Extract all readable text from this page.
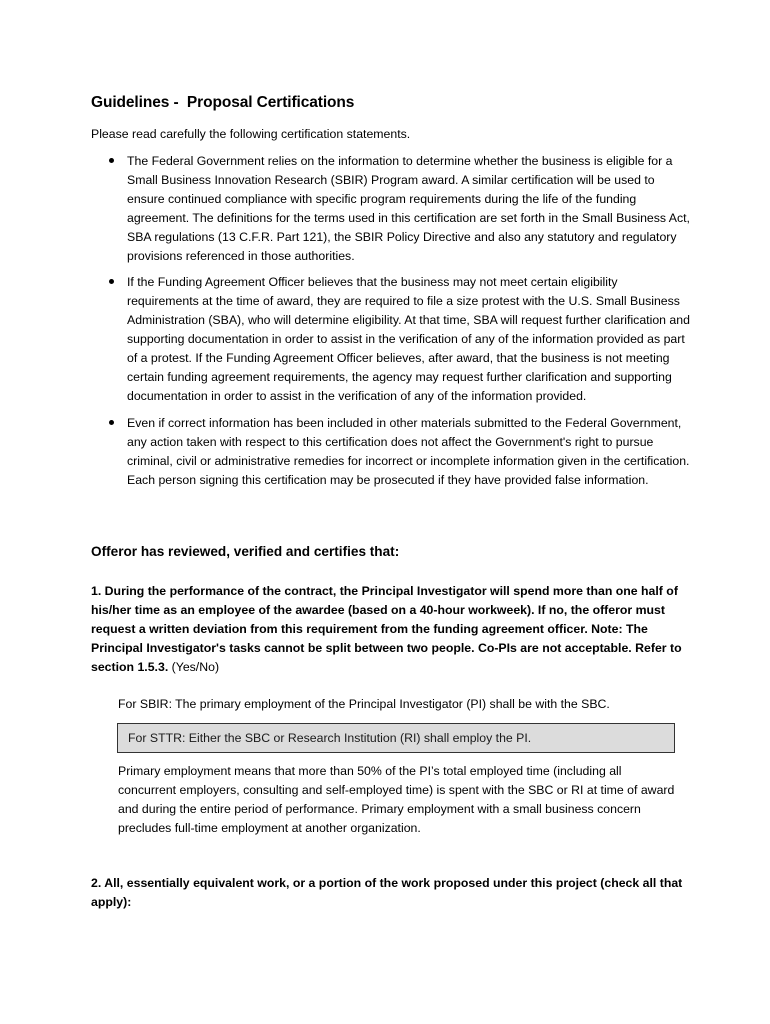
Guidelines -  Proposal Certifications
Please read carefully the following certification statements.
The Federal Government relies on the information to determine whether the business is eligible for a Small Business Innovation Research (SBIR) Program award. A similar certification will be used to ensure continued compliance with specific program requirements during the life of the funding agreement. The definitions for the terms used in this certification are set forth in the Small Business Act, SBA regulations (13 C.F.R. Part 121), the SBIR Policy Directive and also any statutory and regulatory provisions referenced in those authorities.
If the Funding Agreement Officer believes that the business may not meet certain eligibility requirements at the time of award, they are required to file a size protest with the U.S. Small Business Administration (SBA), who will determine eligibility. At that time, SBA will request further clarification and supporting documentation in order to assist in the verification of any of the information provided as part of a protest. If the Funding Agreement Officer believes, after award, that the business is not meeting certain funding agreement requirements, the agency may request further clarification and supporting documentation in order to assist in the verification of any of the information provided.
Even if correct information has been included in other materials submitted to the Federal Government, any action taken with respect to this certification does not affect the Government's right to pursue criminal, civil or administrative remedies for incorrect or incomplete information given in the certification. Each person signing this certification may be prosecuted if they have provided false information.
Offeror has reviewed, verified and certifies that:
1. During the performance of the contract, the Principal Investigator will spend more than one half of his/her time as an employee of the awardee (based on a 40-hour workweek). If no, the offeror must request a written deviation from this requirement from the funding agreement officer. Note: The Principal Investigator's tasks cannot be split between two people. Co-PIs are not acceptable. Refer to section 1.5.3. (Yes/No)
For SBIR: The primary employment of the Principal Investigator (PI) shall be with the SBC.
For STTR: Either the SBC or Research Institution (RI) shall employ the PI.
Primary employment means that more than 50% of the PI’s total employed time (including all concurrent employers, consulting and self-employed time) is spent with the SBC or RI at time of award and during the entire period of performance. Primary employment with a small business concern precludes full-time employment at another organization.
2. All, essentially equivalent work, or a portion of the work proposed under this project (check all that apply):
